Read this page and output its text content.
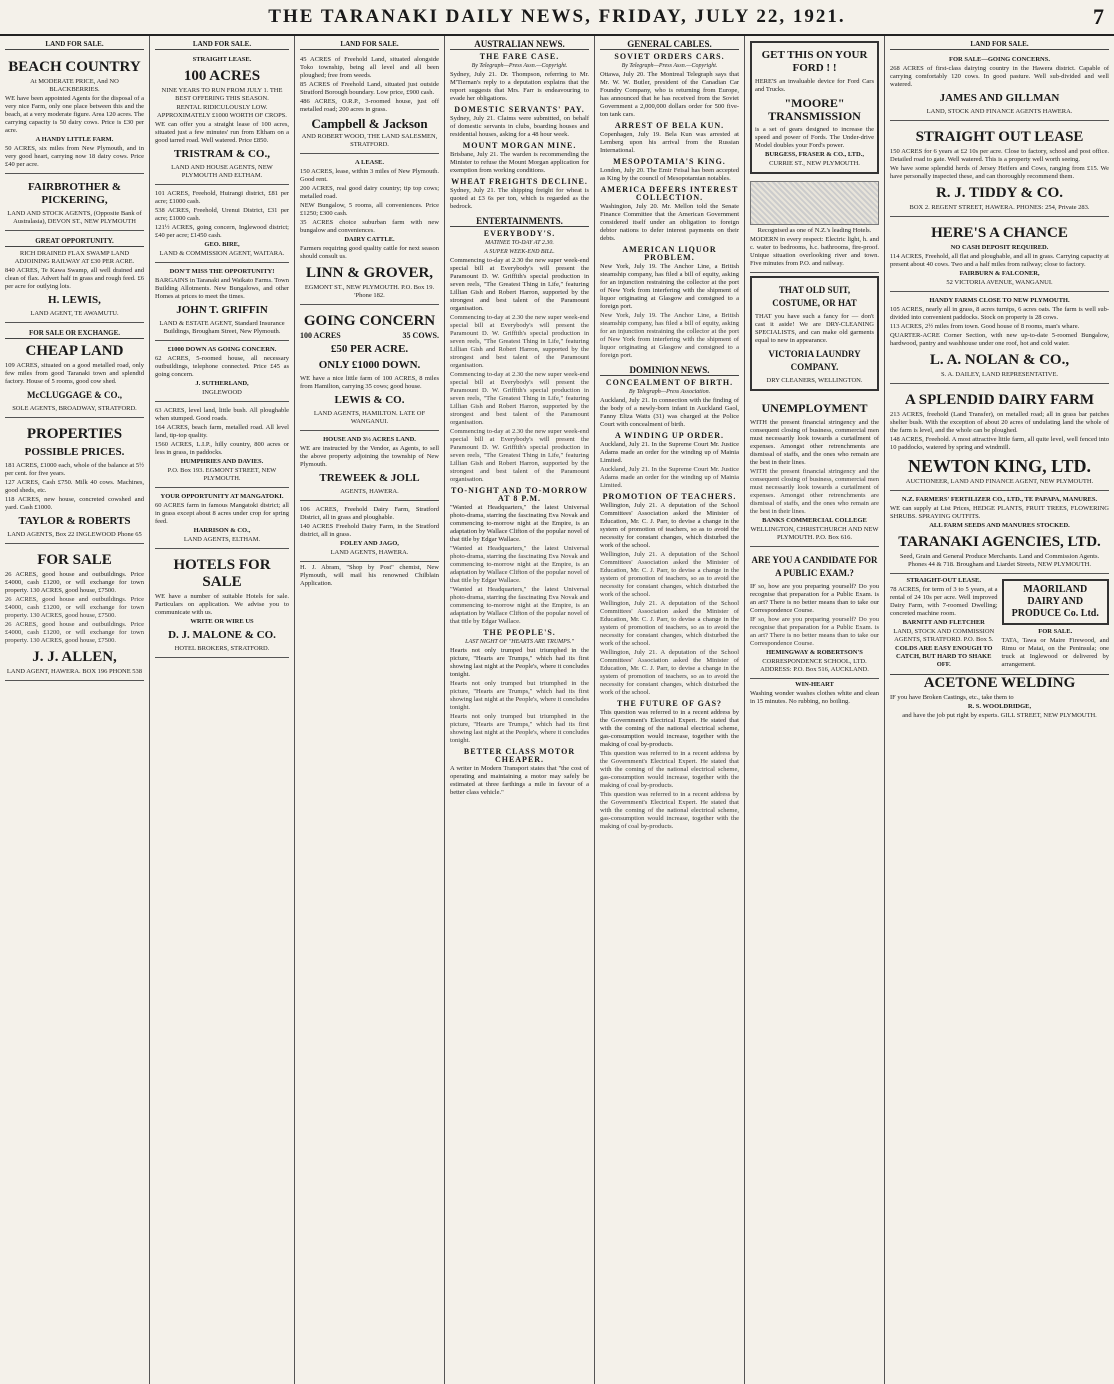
THE TARANAKI DAILY NEWS, FRIDAY, JULY 22, 1921.	7
LAND FOR SALE.
BEACH COUNTRY
At MODERATE PRICE, And NO BLACKBERRIES.
WE have been appointed Agents for the disposal of a very nice Farm, only one place between this and the beach, at a very moderate figure. Area 120 acres. The carrying capacity is 50 dairy cows. Price is £30 per acre.
A HANDY LITTLE FARM.
50 ACRES, six miles from New Plymouth, and in very good heart, carrying now 18 dairy cows. Price £40 per acre.
FAIRBROTHER & PICKERING,
LAND AND STOCK AGENTS, (Opposite Bank of Australasia), DEVON ST., NEW PLYMOUTH
GREAT OPPORTUNITY.
RICH DRAINED FLAX SWAMP LAND ADJOINING RAILWAY AT £30 PER ACRE.
840 ACRES, Te Kawa Swamp, all well drained and clean of flax. Advert half in grass and rough feed. £6 per acre for outlying lots.
H. LEWIS,
LAND AGENT, TE AWAMUTU.
FOR SALE OR EXCHANGE.
CHEAP LAND
109 ACRES, situated on a good metalled road, only few miles from good Taranaki town and splendid factory. House of 5 rooms, good cow shed.
McCLUGGAGE & CO.,
SOLE AGENTS, BROADWAY, STRATFORD.
PROPERTIES
POSSIBLE PRICES.
181 ACRES, £1000 each, whole of the balance at 5½ per cent. for five years.
127 ACRES, Cash £750. Milk 40 cows. Machines, good sheds, etc.
118 ACRES, new house, concreted cowshed and yard. Cash £1000.
TAYLOR & ROBERTS
LAND AGENTS, Box 22 INGLEWOOD Phone 65
FOR SALE
26 ACRES, good house and outbuildings. Price £4000, cash £1200, or will exchange for town property. 130 ACRES, good house, £7500.
26 ACRES, good house and outbuildings. Price £4000, cash £1200, or will exchange for town property. 130 ACRES, good house, £7500.
26 ACRES, good house and outbuildings. Price £4000, cash £1200, or will exchange for town property. 130 ACRES, good house, £7500.
J. J. ALLEN,
LAND AGENT, HAWERA. BOX 196 PHONE 538
LAND FOR SALE.
STRAIGHT LEASE.
100 ACRES
NINE YEARS TO RUN FROM JULY 1. THE BEST OFFERING THIS SEASON.
RENTAL RIDICULOUSLY LOW. APPROXIMATELY £1000 WORTH OF CROPS.
WE can offer you a straight lease of 100 acres, situated just a few minutes' run from Eltham on a good tarred road. Well watered. Price £850.
TRISTRAM & CO.,
LAND AND HOUSE AGENTS, NEW PLYMOUTH AND ELTHAM.
101 ACRES, Freehold, Huirangi district, £81 per acre; £1000 cash.
538 ACRES, Freehold, Urenui District, £31 per acre; £1000 cash.
121½ ACRES, going concern, Inglewood district; £40 per acre; £1450 cash.
GEO. BIRE,
LAND & COMMISSION AGENT, WAITARA.
DON'T MISS THE OPPORTUNITY!
BARGAINS in Taranaki and Waikato Farms. Town Building Allotments. New Bungalows, and other Homes at prices to meet the times.
JOHN T. GRIFFIN
LAND & ESTATE AGENT, Standard Insurance Buildings, Brougham Street, New Plymouth.
£1000 DOWN AS GOING CONCERN.
62 ACRES, 5-roomed house, all necessary outbuildings, telephone connected. Price £45 as going concern.
J. SUTHERLAND,
INGLEWOOD
63 ACRES, level land, little bush. All ploughable when stumped. Good roads.
164 ACRES, beach farm, metalled road. All level land, tip-top quality.
1560 ACRES, L.I.P., hilly country, 800 acres or less in grass, in paddocks.
HUMPHRIES AND DAVIES.
P.O. Box 193. EGMONT STREET, NEW PLYMOUTH.
YOUR OPPORTUNITY AT MANGATOKI.
60 ACRES farm in famous Mangatoki district; all in grass except about 8 acres under crop for spring feed.
HARRISON & CO.,
LAND AGENTS, ELTHAM.
HOTELS FOR SALE
WE have a number of suitable Hotels for sale. Particulars on application. We advise you to communicate with us.
WRITE OR WIRE US
D. J. MALONE & CO.
HOTEL BROKERS, STRATFORD.
LAND FOR SALE.
45 ACRES of Freehold Land, situated alongside Toko township, being all level and all been ploughed; free from weeds.
85 ACRES of Freehold Land, situated just outside Stratford Borough boundary. Low price, £900 cash.
486 ACRES, O.R.P., 3-roomed house, just off metalled road; 200 acres in grass.
Campbell & Jackson
AND ROBERT WOOD, THE LAND SALESMEN, STRATFORD.
A LEASE.
150 ACRES, lease, within 3 miles of New Plymouth. Good rent.
200 ACRES, real good dairy country; tip top cows; metalled road.
NEW Bungalow, 5 rooms, all conveniences. Price £1250; £300 cash.
35 ACRES choice suburban farm with new bungalow and conveniences.
DAIRY CATTLE.
Farmers requiring good quality cattle for next season should consult us.
LINN & GROVER,
EGMONT ST., NEW PLYMOUTH. P.O. Box 19. 'Phone 182.
GOING CONCERN
100 ACRES	35 COWS.
£50 PER ACRE.
ONLY £1000 DOWN.
WE have a nice little farm of 100 ACRES, 8 miles from Hamilton, carrying 35 cows; good house.
LEWIS & CO.
LAND AGENTS, HAMILTON. LATE OF WANGANUI.
HOUSE AND 3½ ACRES LAND.
WE are instructed by the Vendor, as Agents, to sell the above property adjoining the township of New Plymouth.
TREWEEK & JOLL
AGENTS, HAWERA.
106 ACRES, Freehold Dairy Farm, Stratford District, all in grass and ploughable.
140 ACRES Freehold Dairy Farm, in the Stratford district, all in grass.
FOLEY AND JAGO,
LAND AGENTS, HAWERA.
H. J. Abram, "Shop by Post" chemist, New Plymouth, will mail his renowned Chilblain Application.
AUSTRALIAN NEWS.
THE FARE CASE.
By Telegraph—Press Assn.—Copyright.
Sydney, July 21. Dr. Thompson, referring to Mr. M'Tiernan's reply to a deputation explains that the report suggests that Mrs. Farr is endeavouring to evade her obligations.
DOMESTIC SERVANTS' PAY.
Sydney, July 21. Claims were submitted, on behalf of domestic servants in clubs, boarding houses and residential houses, asking for a 48 hour week.
MOUNT MORGAN MINE.
Brisbane, July 21. The warden is recommending the Minister to refuse the Mount Morgan application for exemption from working conditions.
WHEAT FREIGHTS DECLINE.
Sydney, July 21. The shipping freight for wheat is quoted at £3 6s per ton, which is regarded as the bedrock.
ENTERTAINMENTS.
EVERYBODY'S.
MATINEE TO-DAY AT 2.30.
A SUPER WEEK-END BILL.
Commencing to-day at 2.30 the new super week-end special bill at Everybody's will present the Paramount D. W. Griffith's special production in seven reels, "The Greatest Thing in Life," featuring Lillian Gish and Robert Harron, supported by the strongest and best talent of the Paramount organisation.
Commencing to-day at 2.30 the new super week-end special bill at Everybody's will present the Paramount D. W. Griffith's special production in seven reels, "The Greatest Thing in Life," featuring Lillian Gish and Robert Harron, supported by the strongest and best talent of the Paramount organisation.
Commencing to-day at 2.30 the new super week-end special bill at Everybody's will present the Paramount D. W. Griffith's special production in seven reels, "The Greatest Thing in Life," featuring Lillian Gish and Robert Harron, supported by the strongest and best talent of the Paramount organisation.
Commencing to-day at 2.30 the new super week-end special bill at Everybody's will present the Paramount D. W. Griffith's special production in seven reels, "The Greatest Thing in Life," featuring Lillian Gish and Robert Harron, supported by the strongest and best talent of the Paramount organisation.
TO-NIGHT AND TO-MORROW AT 8 P.M.
"Wanted at Headquarters," the latest Universal photo-drama, starring the fascinating Eva Novak and commencing to-morrow night at the Empire, is an adaptation by Wallace Clifton of the popular novel of that title by Edgar Wallace.
"Wanted at Headquarters," the latest Universal photo-drama, starring the fascinating Eva Novak and commencing to-morrow night at the Empire, is an adaptation by Wallace Clifton of the popular novel of that title by Edgar Wallace.
"Wanted at Headquarters," the latest Universal photo-drama, starring the fascinating Eva Novak and commencing to-morrow night at the Empire, is an adaptation by Wallace Clifton of the popular novel of that title by Edgar Wallace.
THE PEOPLE'S.
LAST NIGHT OF "HEARTS ARE TRUMPS."
Hearts not only trumped but triumphed in the picture, "Hearts are Trumps," which had its first showing last night at the People's, where it concludes tonight.
Hearts not only trumped but triumphed in the picture, "Hearts are Trumps," which had its first showing last night at the People's, where it concludes tonight.
Hearts not only trumped but triumphed in the picture, "Hearts are Trumps," which had its first showing last night at the People's, where it concludes tonight.
BETTER CLASS MOTOR CHEAPER.
A writer in Modern Transport states that "the cost of operating and maintaining a motor may safely be estimated at three farthings a mile in favour of a better class vehicle."
GENERAL CABLES.
SOVIET ORDERS CARS.
By Telegraph—Press Assn.—Copyright.
Ottawa, July 20. The Montreal Telegraph says that Mr. W. W. Butler, president of the Canadian Car Foundry Company, who is returning from Europe, has announced that he has received from the Soviet Government a 2,000,000 dollars order for 500 five-ton tank cars.
ARREST OF BELA KUN.
Copenhagen, July 19. Bela Kun was arrested at Lemberg upon his arrival from the Russian International.
MESOPOTAMIA'S KING.
London, July 20. The Emir Feisal has been accepted as King by the council of Mesopotamian notables.
AMERICA DEFERS INTEREST COLLECTION.
Washington, July 20. Mr. Mellon told the Senate Finance Committee that the American Government considered itself under an obligation to foreign debtor nations to defer interest payments on their debts.
AMERICAN LIQUOR PROBLEM.
New York, July 19. The Anchor Line, a British steamship company, has filed a bill of equity, asking for an injunction restraining the collector at the port of New York from interfering with the shipment of liquor originating at Glasgow and consigned to a foreign port.
New York, July 19. The Anchor Line, a British steamship company, has filed a bill of equity, asking for an injunction restraining the collector at the port of New York from interfering with the shipment of liquor originating at Glasgow and consigned to a foreign port.
DOMINION NEWS.
CONCEALMENT OF BIRTH.
By Telegraph—Press Association.
Auckland, July 21. In connection with the finding of the body of a newly-born infant in Auckland Gaol, Fanny Eliza Watts (31) was charged at the Police Court with concealment of birth.
A WINDING UP ORDER.
Auckland, July 21. In the Supreme Court Mr. Justice Adams made an order for the winding up of Mainia Limited.
Auckland, July 21. In the Supreme Court Mr. Justice Adams made an order for the winding up of Mainia Limited.
PROMOTION OF TEACHERS.
Wellington, July 21. A deputation of the School Committees' Association asked the Minister of Education, Mr. C. J. Parr, to devise a change in the system of promotion of teachers, so as to avoid the necessity for constant changes, which disturbed the work of the school.
Wellington, July 21. A deputation of the School Committees' Association asked the Minister of Education, Mr. C. J. Parr, to devise a change in the system of promotion of teachers, so as to avoid the necessity for constant changes, which disturbed the work of the school.
Wellington, July 21. A deputation of the School Committees' Association asked the Minister of Education, Mr. C. J. Parr, to devise a change in the system of promotion of teachers, so as to avoid the necessity for constant changes, which disturbed the work of the school.
Wellington, July 21. A deputation of the School Committees' Association asked the Minister of Education, Mr. C. J. Parr, to devise a change in the system of promotion of teachers, so as to avoid the necessity for constant changes, which disturbed the work of the school.
THE FUTURE OF GAS?
This question was referred to in a recent address by the Government's Electrical Expert. He stated that with the coming of the national electrical scheme, gas-consumption would increase, together with the making of coal by-products.
This question was referred to in a recent address by the Government's Electrical Expert. He stated that with the coming of the national electrical scheme, gas-consumption would increase, together with the making of coal by-products.
This question was referred to in a recent address by the Government's Electrical Expert. He stated that with the coming of the national electrical scheme, gas-consumption would increase, together with the making of coal by-products.
GET THIS ON YOUR FORD ! !
HERE'S an invaluable device for Ford Cars and Trucks.
"MOORE" TRANSMISSION
is a set of gears designed to increase the speed and power of Fords. The Under-drive Model doubles your Ford's power.
BURGESS, FRASER & CO., LTD.,
CURRIE ST., NEW PLYMOUTH.
Recognised as one of N.Z.'s leading Hotels.
MODERN in every respect: Electric light, h. and c. water to bedrooms, h.c. bathrooms, fire-proof. Unique situation overlooking river and town. Five minutes from P.O. and railway.
THAT OLD SUIT, COSTUME, OR HAT
THAT you have such a fancy for — don't cast it aside! We are DRY-CLEANING SPECIALISTS, and can make old garments equal to new in appearance.
VICTORIA LAUNDRY COMPANY.
DRY CLEANERS, WELLINGTON.
UNEMPLOYMENT
WITH the present financial stringency and the consequent closing of business, commercial men must necessarily look towards a curtailment of expenses. Amongst other retrenchments are dismissal of staffs, and the ones who remain are the best in their lines.
WITH the present financial stringency and the consequent closing of business, commercial men must necessarily look towards a curtailment of expenses. Amongst other retrenchments are dismissal of staffs, and the ones who remain are the best in their lines.
BANKS COMMERCIAL COLLEGE
WELLINGTON, CHRISTCHURCH AND NEW PLYMOUTH. P.O. Box 616.
ARE YOU A CANDIDATE FOR A PUBLIC EXAM.?
IF so, how are you preparing yourself? Do you recognise that preparation for a Public Exam. is an art? There is no better means than to take our Correspondence Course.
IF so, how are you preparing yourself? Do you recognise that preparation for a Public Exam. is an art? There is no better means than to take our Correspondence Course.
HEMINGWAY & ROBERTSON'S
CORRESPONDENCE SCHOOL, LTD. ADDRESS: P.O. Box 516, AUCKLAND.
WIN-HEART
Washing wonder washes clothes white and clean in 15 minutes. No rubbing, no boiling.
LAND FOR SALE.
FOR SALE—GOING CONCERNS.
268 ACRES of first-class dairying country in the Hawera district. Capable of carrying comfortably 120 cows. In good pasture. Well sub-divided and well watered.
JAMES AND GILLMAN
LAND, STOCK AND FINANCE AGENTS HAWERA.
STRAIGHT OUT LEASE
150 ACRES for 6 years at £2 10s per acre. Close to factory, school and post office. Detailed road to gate. Well watered. This is a property well worth seeing.
We have some splendid herds of Jersey Heifers and Cows, ranging from £15. We have personally inspected these, and can thoroughly recommend them.
R. J. TIDDY & CO.
BOX 2. REGENT STREET, HAWERA. PHONES: 254, Private 283.
HERE'S A CHANCE
NO CASH DEPOSIT REQUIRED.
114 ACRES, Freehold, all flat and ploughable, and all in grass. Carrying capacity at present about 40 cows. Two and a half miles from railway; close to factory.
FAIRBURN & FALCONER,
52 VICTORIA AVENUE, WANGANUI.
HANDY FARMS CLOSE TO NEW PLYMOUTH.
105 ACRES, nearly all in grass, 8 acres turnips, 6 acres oats. The farm is well sub-divided into convenient paddocks. Stock on property is 28 cows.
113 ACRES, 2½ miles from town. Good house of 8 rooms, man's whare.
QUARTER-ACRE Corner Section, with new up-to-date 5-roomed Bungalow, hardwood, pantry and washhouse under one roof, hot and cold water.
L. A. NOLAN & CO.,
S. A. DAILEY, LAND REPRESENTATIVE.
A SPLENDID DAIRY FARM
213 ACRES, freehold (Land Transfer), on metalled road; all in grass bar patches shelter bush. With the exception of about 20 acres of undulating land the whole of the farm is level, and the whole can be ploughed.
148 ACRES, Freehold. A most attractive little farm, all quite level, well fenced into 10 paddocks, watered by spring and windmill.
NEWTON KING, LTD.
AUCTIONEER, LAND AND FINANCE AGENT, NEW PLYMOUTH.
N.Z. FARMERS' FERTILIZER CO., LTD., TE PAPAPA, MANURES.
WE can supply at List Prices, HEDGE PLANTS, FRUIT TREES, FLOWERING SHRUBS. SPRAYING OUTFITS.
ALL FARM SEEDS AND MANURES STOCKED.
TARANAKI AGENCIES, LTD.
Seed, Grain and General Produce Merchants. Land and Commission Agents. Phones 44 & 718. Brougham and Liardet Streets, NEW PLYMOUTH.
STRAIGHT-OUT LEASE.
78 ACRES, for term of 3 to 5 years, at a rental of 24 10s per acre. Well improved Dairy Farm, with 7-roomed Dwelling; concreted machine room.
BARNITT AND FLETCHER
LAND, STOCK AND COMMISSION AGENTS, STRATFORD. P.O. Box 5.
COLDS ARE EASY ENOUGH TO CATCH, BUT HARD TO SHAKE OFF.
MAORILAND DAIRY AND PRODUCE Co. Ltd.
FOR SALE.
TATA, Tawa or Maire Firewood, and Rimu or Matai, on the Peninsula; one truck at Inglewood or delivered by arrangement.
ACETONE WELDING
IF you have Broken Castings, etc., take them to
R. S. WOOLDRIDGE,
and have the job put right by experts. GILL STREET, NEW PLYMOUTH.
